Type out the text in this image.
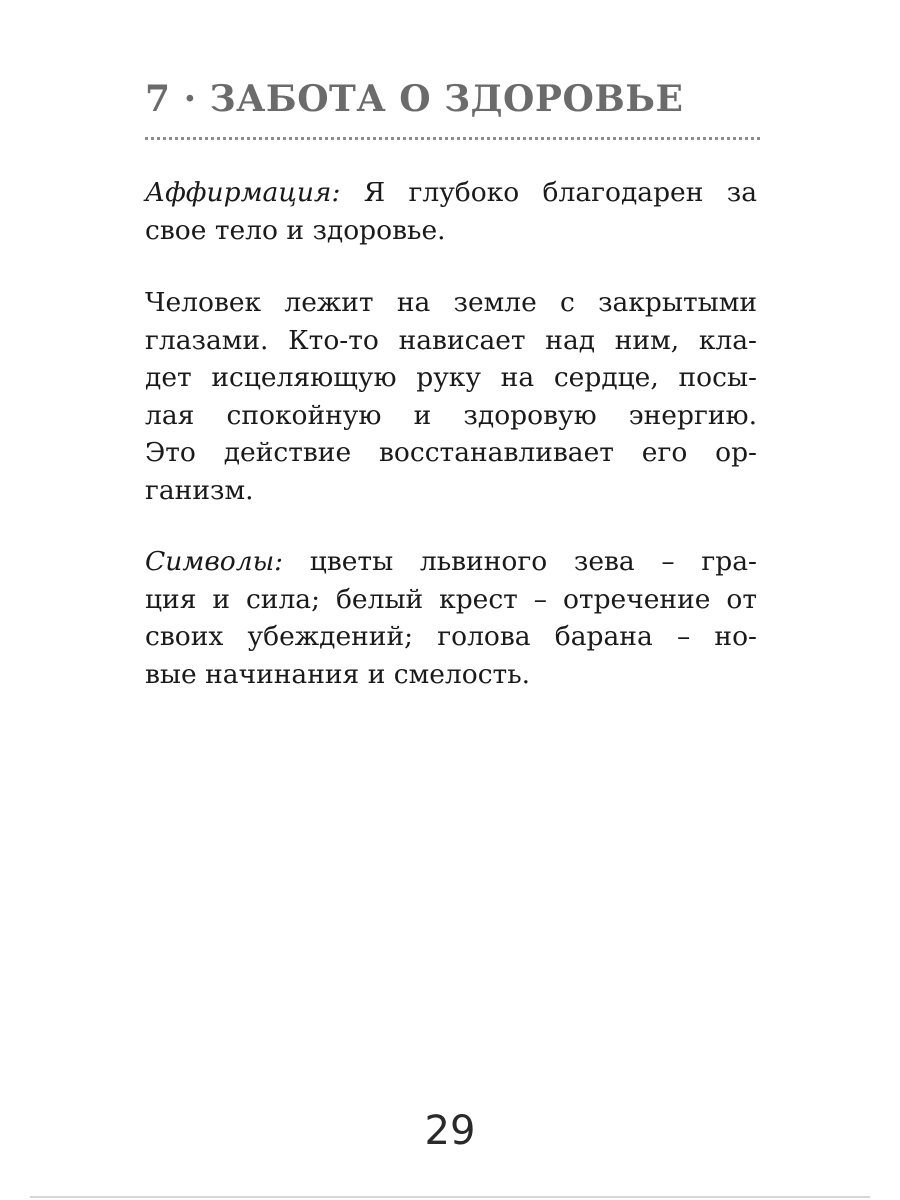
7 · ЗАБОТА О ЗДОРОВЬЕ
Аффирмация: Я глубоко благодарен за
свое тело и здоровье.
Человек лежит на земле с закрытыми
глазами. Кто-то нависает над ним, кла-
дет исцеляющую руку на сердце, посы-
лая спокойную и здоровую энергию.
Это действие восстанавливает его ор-
ганизм.
Символы: цветы львиного зева – гра-
ция и сила; белый крест – отречение от
своих убеждений; голова барана – но-
вые начинания и смелость.
29
